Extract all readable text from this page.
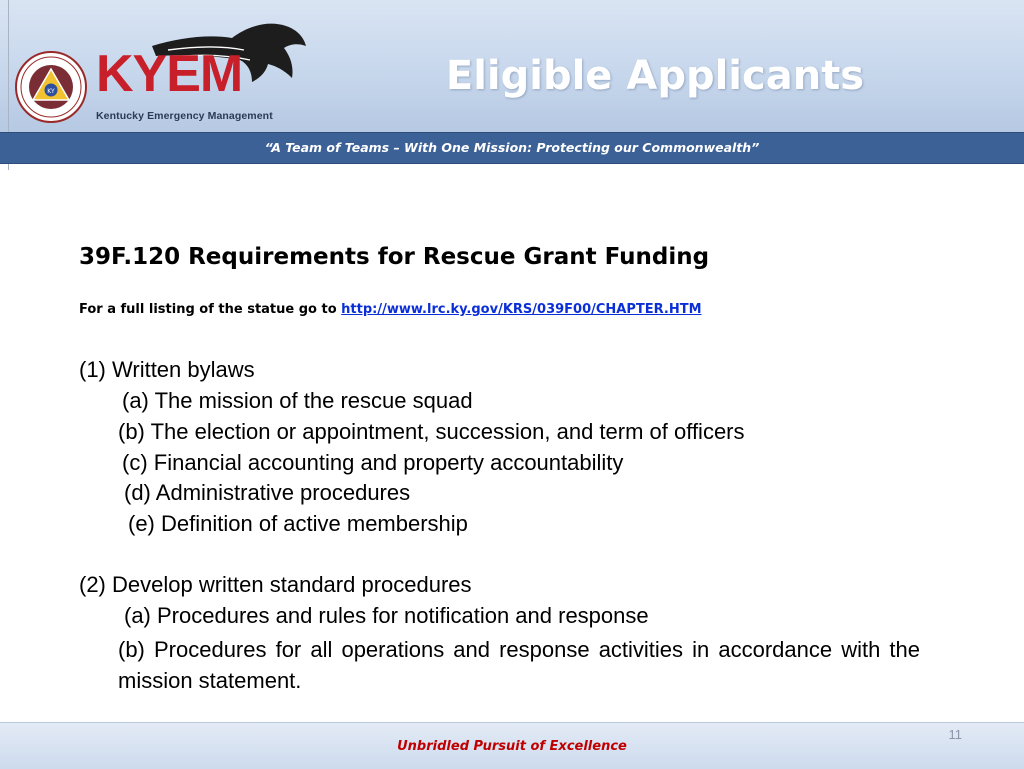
KY KYEM
Kentucky Emergency Management
Eligible Applicants
“A Team of Teams – With One Mission: Protecting our Commonwealth”
39F.120 Requirements for Rescue Grant Funding
For a full listing of the statue go to http://www.lrc.ky.gov/KRS/039F00/CHAPTER.HTM
(1) Written bylaws
(a) The mission of the rescue squad
(b) The election or appointment, succession, and term of officers
(c) Financial accounting and property accountability
(d) Administrative procedures
(e) Definition of active membership
(2) Develop written standard procedures
(a) Procedures and rules for notification and response
(b) Procedures for all operations and response activities in accordance with the mission statement.
11
Unbridled Pursuit of Excellence
